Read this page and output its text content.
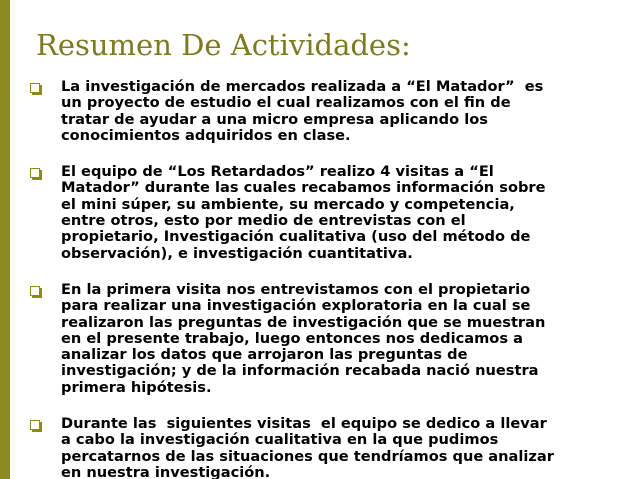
Resumen De Actividades:
La investigación de mercados realizada a “El Matador”  es
un proyecto de estudio el cual realizamos con el fin de
tratar de ayudar a una micro empresa aplicando los
conocimientos adquiridos en clase.
El equipo de “Los Retardados” realizo 4 visitas a “El
Matador” durante las cuales recabamos información sobre
el mini súper, su ambiente, su mercado y competencia,
entre otros, esto por medio de entrevistas con el
propietario, Investigación cualitativa (uso del método de
observación), e investigación cuantitativa.
En la primera visita nos entrevistamos con el propietario
para realizar una investigación exploratoria en la cual se
realizaron las preguntas de investigación que se muestran
en el presente trabajo, luego entonces nos dedicamos a
analizar los datos que arrojaron las preguntas de
investigación; y de la información recabada nació nuestra
primera hipótesis.
Durante las  siguientes visitas  el equipo se dedico a llevar
a cabo la investigación cualitativa en la que pudimos
percatarnos de las situaciones que tendríamos que analizar
en nuestra investigación.
